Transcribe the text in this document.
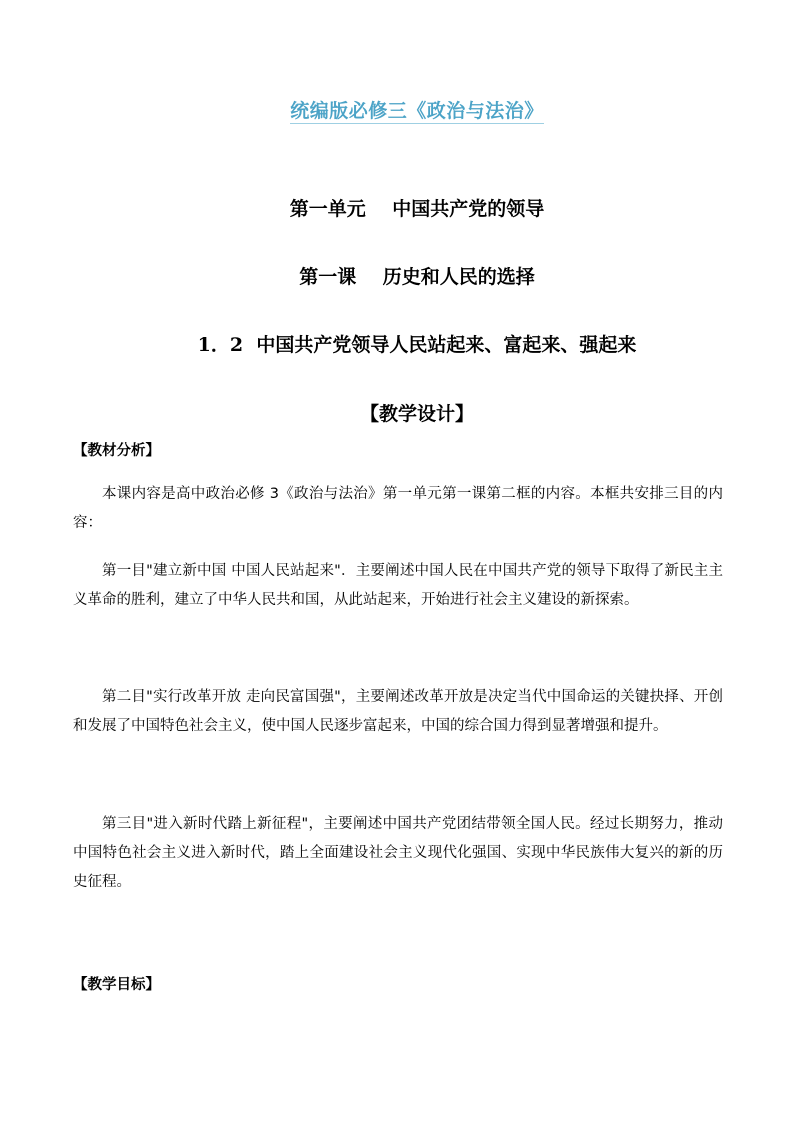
统编版必修三《政治与法治》
第一单元    中国共产党的领导
第一课    历史和人民的选择
1．2  中国共产党领导人民站起来、富起来、强起来
【教学设计】
【教材分析】
本课内容是高中政治必修 3《政治与法治》第一单元第一课第二框的内容。本框共安排三目的内容：
第一目"建立新中国 中国人民站起来"．主要阐述中国人民在中国共产党的领导下取得了新民主主义革命的胜利，建立了中华人民共和国，从此站起来，开始进行社会主义建设的新探索。
第二目"实行改革开放 走向民富国强"，主要阐述改革开放是决定当代中国命运的关键抉择、开创和发展了中国特色社会主义，使中国人民逐步富起来，中国的综合国力得到显著增强和提升。
第三目"进入新时代踏上新征程"，主要阐述中国共产党团结带领全国人民。经过长期努力，推动中国特色社会主义进入新时代，踏上全面建设社会主义现代化强国、实现中华民族伟大复兴的新的历史征程。
【教学目标】
